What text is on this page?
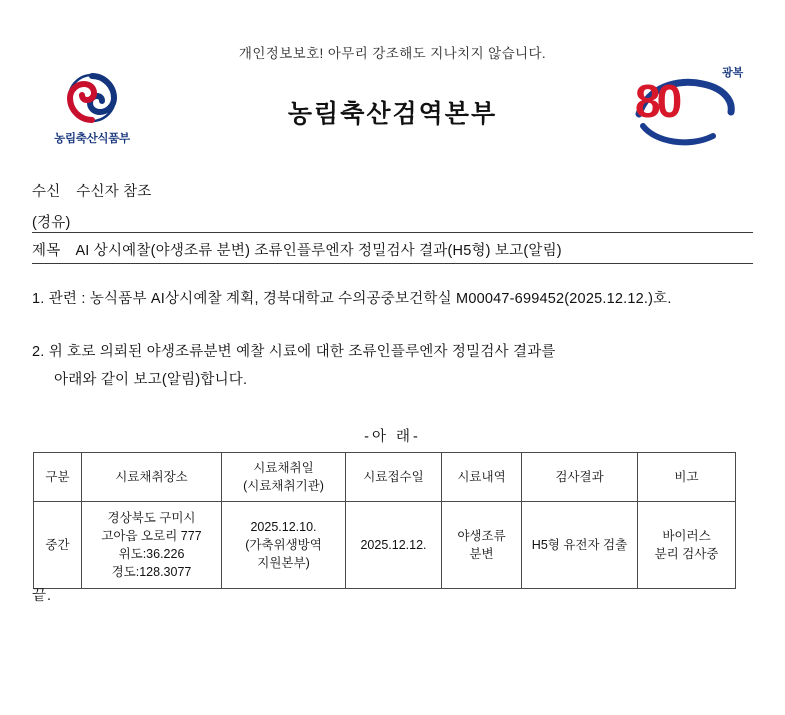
개인정보보호! 아무리 강조해도 지나치지 않습니다.
농림축산식품부
농림축산검역본부	80
광복
수신 수신자 참조
(경유)
제목 AI 상시예찰(야생조류 분변) 조류인플루엔자 정밀검사 결과(H5형) 보고(알림)
1. 관련 : 농식품부 AI상시예찰 계획, 경북대학교 수의공중보건학실 M00047-699452(2025.12.12.)호.
2. 위 호로 의뢰된 야생조류분변 예찰 시료에 대한 조류인플루엔자 정밀검사 결과를
아래와 같이 보고(알림)합니다.
-아 래-
구분	시료채취장소	시료채취일
(시료채취기관)	시료접수일	시료내역	검사결과	비고

중간	경상북도 구미시
고아읍 오로리 777
위도:36.226
경도:128.3077	2025.12.10.
(가축위생방역
지원본부)	2025.12.12.	야생조류
분변	H5형 유전자 검출	바이러스
분리 검사중
끝.
